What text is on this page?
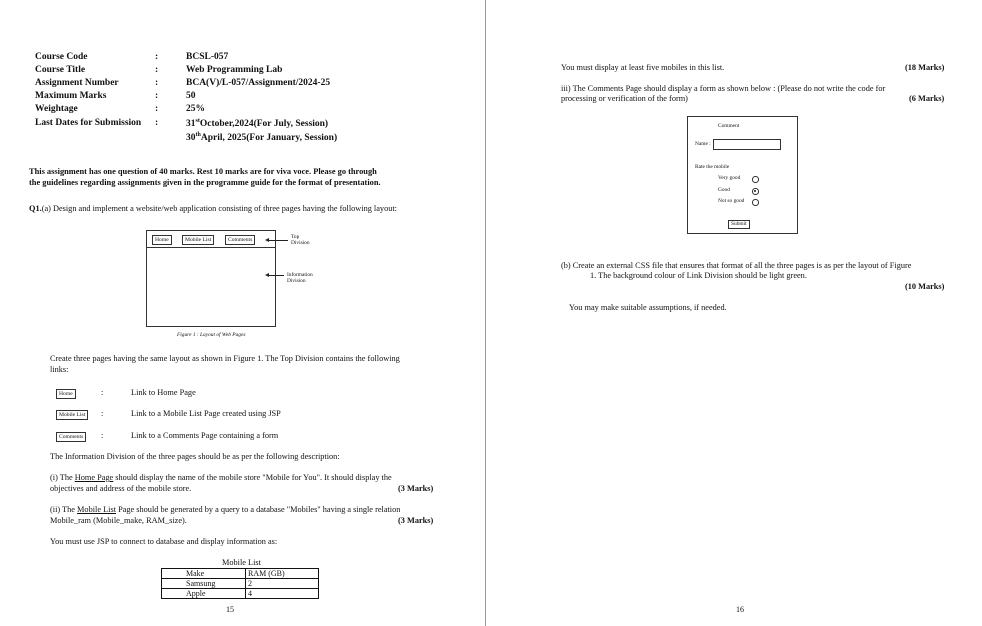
Course Code	:	BCSL-057
Course Title	:	Web Programming Lab
Assignment Number	:	BCA(V)/L-057/Assignment/2024-25
Maximum Marks	:	50
Weightage	:	25%
Last Dates for Submission :	31stOctober,2024(For July, Session)
30thApril, 2025(For January, Session)
This assignment has one question of 40 marks. Rest 10 marks are for viva voce. Please go through
the guidelines regarding assignments given in the programme guide for the format of presentation.
Q1.(a) Design and implement a website/web application consisting of three pages having the following layout:
Home	Mobile List	Comments	Top
Division
Information
Division
Figure 1 : Layout of Web Pages
Create three pages having the same layout as shown in Figure 1. The Top Division contains the following
links:
Home	:	Link to Home Page
Mobile List	:	Link to a Mobile List Page created using JSP
Comments	:	Link to a Comments Page containing a form
The Information Division of the three pages should be as per the following description:
(i) The Home Page should display the name of the mobile store "Mobile for You". It should display the
objectives and address of the mobile store.	(3 Marks)
(ii) The Mobile List Page should be generated by a query to a database "Mobiles" having a single relation
Mobile_ram (Mobile_make, RAM_size).	(3 Marks)
You must use JSP to connect to database and display information as:
Mobile List
Make	RAM (GB)
Samsung	2
Apple	4
15
You must display at least five mobiles in this list.	(18 Marks)
iii) The Comments Page should display a form as shown below : (Please do not write the code for
processing or verification of the form)	(6 Marks)
Comment
Name :
Rate the mobile
Very good
Good
Not so good
Submit
(b) Create an external CSS file that ensures that format of all the three pages is as per the layout of Figure
1. The background colour of Link Division should be light green.
(10 Marks)
You may make suitable assumptions, if needed.
16
